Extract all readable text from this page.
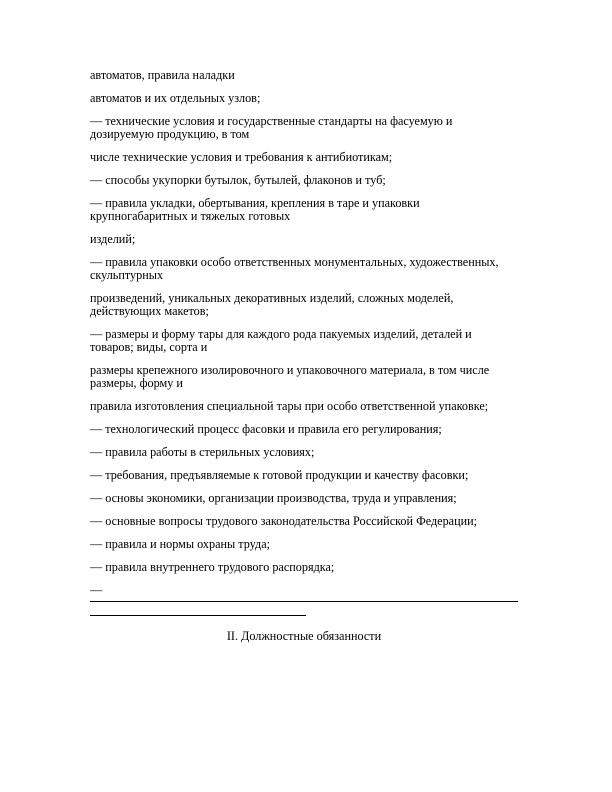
автоматов, правила наладки

автоматов и их отдельных узлов;

— технические условия и государственные стандарты на фасуемую и дозируемую продукцию, в том

числе технические условия и требования к антибиотикам;

— способы укупорки бутылок, бутылей, флаконов и туб;

— правила укладки, обертывания, крепления в таре и упаковки крупногабаритных и тяжелых готовых

изделий;

— правила упаковки особо ответственных монументальных, художественных, скульптурных

произведений, уникальных декоративных изделий, сложных моделей, действующих макетов;

— размеры и форму тары для каждого рода пакуемых изделий, деталей и товаров; виды, сорта и

размеры крепежного изолировочного и упаковочного материала, в том числе размеры, форму и

правила изготовления специальной тары при особо ответственной упаковке;

— технологический процесс фасовки и правила его регулирования;

— правила работы в стерильных условиях;

— требования, предъявляемые к готовой продукции и качеству фасовки;

— основы экономики, организации производства, труда и управления;

— основные вопросы трудового законодательства Российской Федерации;

— правила и нормы охраны труда;

— правила внутреннего трудового распорядка;

—

II. Должностные обязанности
